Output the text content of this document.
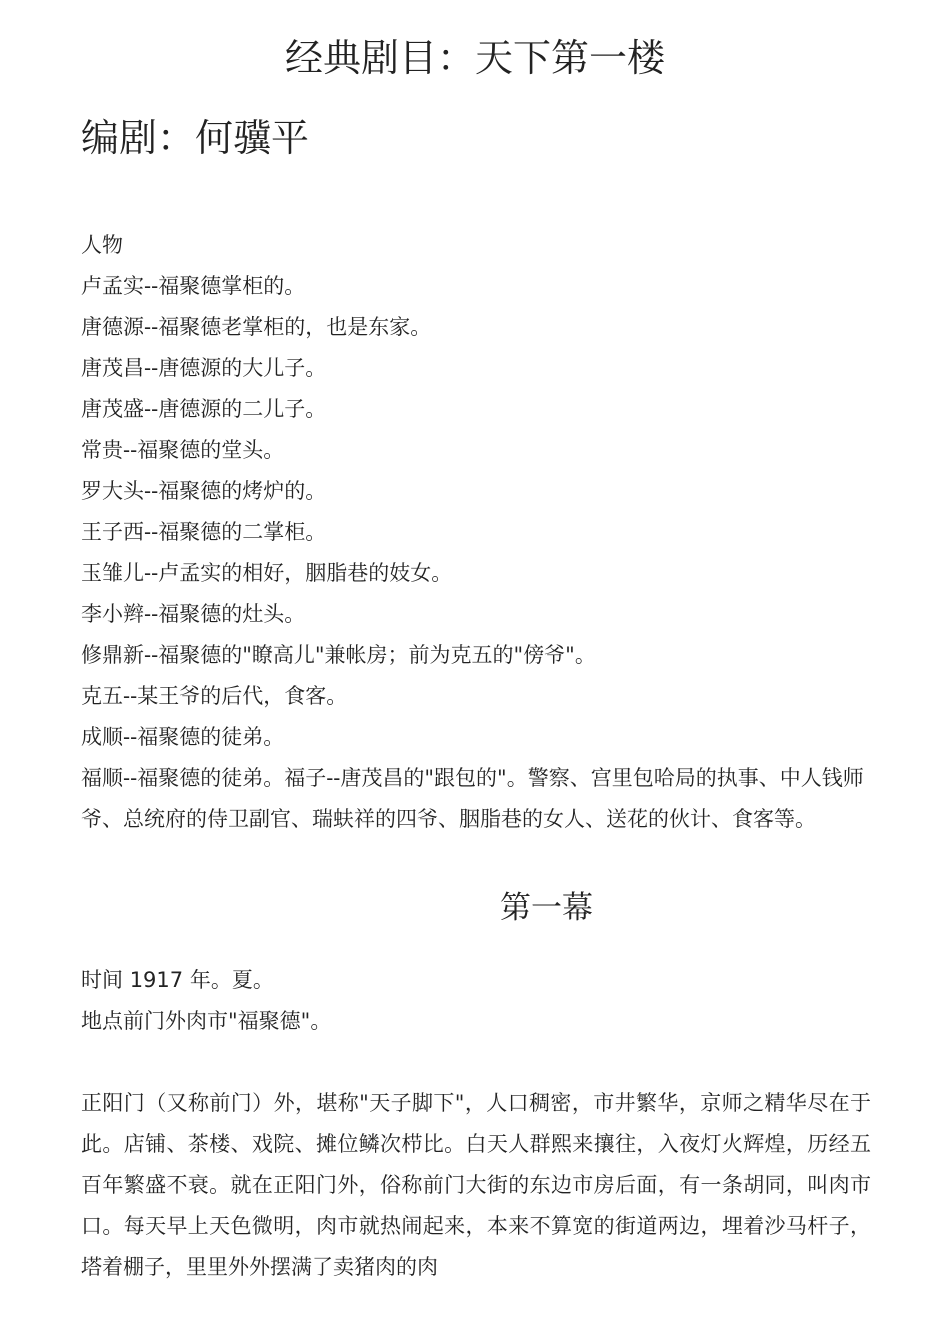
经典剧目：天下第一楼
编剧：何骥平

人物

卢孟实--福聚德掌柜的。

唐德源--福聚德老掌柜的，也是东家。

唐茂昌--唐德源的大儿子。

唐茂盛--唐德源的二儿子。

常贵--福聚德的堂头。

罗大头--福聚德的烤炉的。

王子西--福聚德的二掌柜。

玉雏儿--卢孟实的相好，胭脂巷的妓女。

李小辫--福聚德的灶头。

修鼎新--福聚德的"瞭高儿"兼帐房；前为克五的"傍爷"。

克五--某王爷的后代，食客。

成顺--福聚德的徒弟。

福顺--福聚德的徒弟。福子--唐茂昌的"跟包的"。警察、宫里包哈局的执事、中人钱师爷、总统府的侍卫副官、瑞蚨祥的四爷、胭脂巷的女人、送花的伙计、食客等。

第一幕

时间 1917 年。夏。

地点前门外肉市"福聚德"。

正阳门（又称前门）外，堪称"天子脚下"，人口稠密，市井繁华，京师之精华尽在于此。店铺、茶楼、戏院、摊位鳞次栉比。白天人群熙来攘往，入夜灯火辉煌，历经五百年繁盛不衰。就在正阳门外，俗称前门大街的东边市房后面，有一条胡同，叫肉市口。每天早上天色微明，肉市就热闹起来，本来不算宽的街道两边，埋着沙马杆子，塔着棚子，里里外外摆满了卖猪肉的肉
